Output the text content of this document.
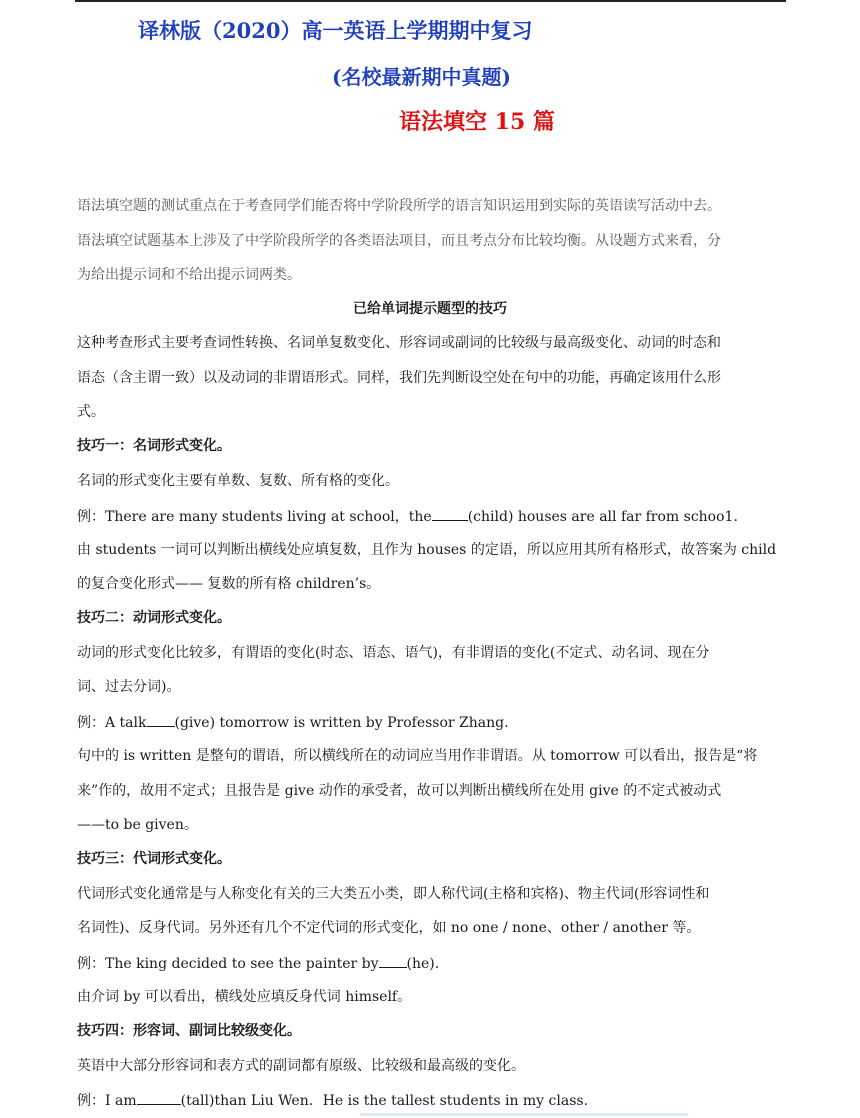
译林版（2020）高一英语上学期期中复习
(名校最新期中真题)
语法填空 15 篇
语法填空题的测试重点在于考查同学们能否将中学阶段所学的语言知识运用到实际的英语读写活动中去。
语法填空试题基本上涉及了中学阶段所学的各类语法项目，而且考点分布比较均衡。从设题方式来看，分
为给出提示词和不给出提示词两类。
已给单词提示题型的技巧
这种考查形式主要考查词性转换、名词单复数变化、形容词或副词的比较级与最高级变化、动词的时态和
语态（含主谓一致）以及动词的非谓语形式。同样，我们先判断设空处在句中的功能，再确定该用什么形
式。
技巧一：名词形式变化。
名词的形式变化主要有单数、复数、所有格的变化。
例：There are many students living at school，the	(child) houses are all far from schoo1.
由 students 一词可以判断出横线处应填复数，且作为 houses 的定语，所以应用其所有格形式，故答案为 child
的复合变化形式—— 复数的所有格 children’s。
技巧二：动词形式变化。
动词的形式变化比较多，有谓语的变化(时态、语态、语气)，有非谓语的变化(不定式、动名词、现在分
词、过去分词)。
例：A talk (give) tomorrow is written by Professor Zhang.
句中的 is written 是整句的谓语，所以横线所在的动词应当用作非谓语。从 tomorrow 可以看出，报告是“将
来”作的，故用不定式；且报告是 give 动作的承受者，故可以判断出横线所在处用 give 的不定式被动式
——to be given。
技巧三：代词形式变化。
代词形式变化通常是与人称变化有关的三大类五小类，即人称代词(主格和宾格)、物主代词(形容词性和
名词性)、反身代词。另外还有几个不定代词的形式变化，如 no one / none、other / another 等。
例：The king decided to see the painter by (he).
由介词 by 可以看出，横线处应填反身代词 himself。
技巧四：形容词、副词比较级变化。
英语中大部分形容词和表方式的副词都有原级、比较级和最高级的变化。
例：I am	(tall)than Liu Wen．He is the tallest students in my class.
